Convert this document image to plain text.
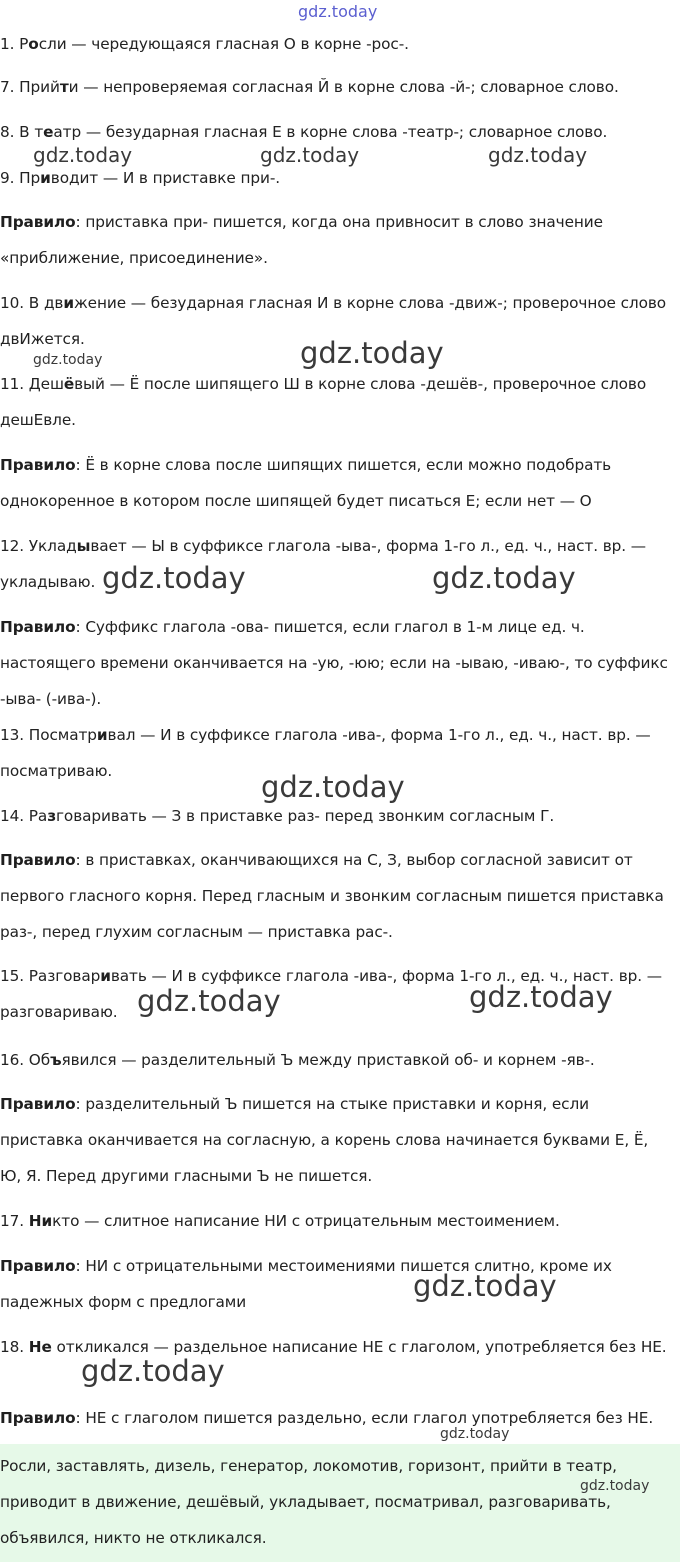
gdz.today

1. Росли — чередующаяся гласная О в корне -рос-.

7. Прийти — непроверяемая согласная Й в корне слова -й-; словарное слово.

8. В театр — безударная гласная Е в корне слова -театр-; словарное слово.

9. Приводит — И в приставке при-.

Правило: приставка при- пишется, когда она привносит в слово значение «приближение, присоединение».

10. В движение — безударная гласная И в корне слова -движ-; проверочное слово двИжется.

11. Дешёвый — Ё после шипящего Ш в корне слова -дешёв-, проверочное слово дешЕвле.

Правило: Ё в корне слова после шипящих пишется, если можно подобрать однокоренное в котором после шипящей будет писаться Е; если нет — О

12. Укладывает — Ы в суффиксе глагола -ыва-, форма 1-го л., ед. ч., наст. вр. — укладываю.

Правило: Суффикс глагола -ова- пишется, если глагол в 1-м лице ед. ч. настоящего времени оканчивается на -ую, -юю; если на -ываю, -иваю-, то суффикс -ыва- (-ива-).

13. Посматривал — И в суффиксе глагола -ива-, форма 1-го л., ед. ч., наст. вр. — посматриваю.

14. Разговаривать — З в приставке раз- перед звонким согласным Г.

Правило: в приставках, оканчивающихся на С, З, выбор согласной зависит от первого гласного корня. Перед гласным и звонким согласным пишется приставка раз-, перед глухим согласным — приставка рас-.

15. Разговаривать — И в суффиксе глагола -ива-, форма 1-го л., ед. ч., наст. вр. — разговариваю.

16. Объявился — разделительный Ъ между приставкой об- и корнем -яв-.

Правило: разделительный Ъ пишется на стыке приставки и корня, если приставка оканчивается на согласную, а корень слова начинается буквами Е, Ё, Ю, Я. Перед другими гласными Ъ не пишется.

17. Никто — слитное написание НИ с отрицательным местоимением.

Правило: НИ с отрицательными местоимениями пишется слитно, кроме их падежных форм с предлогами

18. Не откликался — раздельное написание НЕ с глаголом, употребляется без НЕ.

Правило: НЕ с глаголом пишется раздельно, если глагол употребляется без НЕ.

Росли, заставлять, дизель, генератор, локомотив, горизонт, прийти в театр, приводит в движение, дешёвый, укладывает, посматривал, разговаривать, объявился, никто не откликался.

gdz.today	gdz.today	gdz.today
gdz.today	gdz.today
gdz.today	gdz.today
gdz.today
gdz.today	gdz.today
gdz.today
gdz.today
gdz.today
gdz.today
